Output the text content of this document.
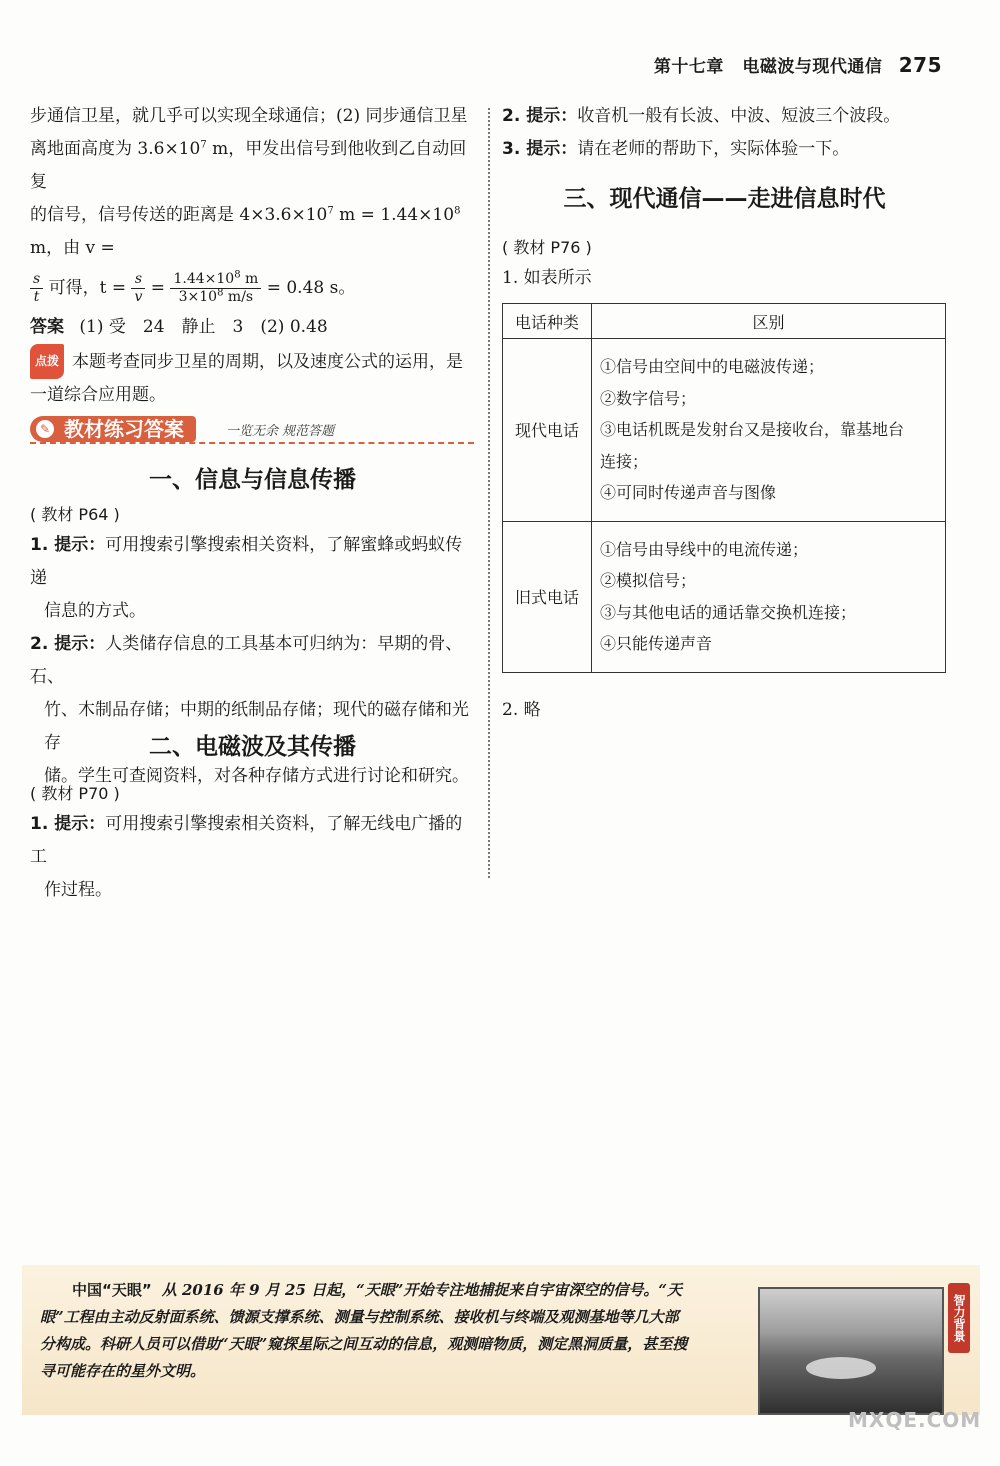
第十七章 电磁波与现代通信 275
步通信卫星，就几乎可以实现全球通信；(2) 同步通信卫星
离地面高度为 $3.6\times 10^7$ m，甲发出信号到他收到乙自动回复
的信号，信号传送的距离是 $4\times 3.6\times 10^7$ $m = 1.44\times 10^8$ m，由 v =
$\frac{s}{t}$ 可得，$t = \frac{s}{v} = \frac{1.44\times 10^8 m}{3\times 10^8 m/s} = 0.48$ s。
答案 (1) 受　24　静止　3　(2) 0.48
点拨 本题考查同步卫星的周期，以及速度公式的运用，是
一道综合应用题。
✎ 教材练习答案	一览无余 规范答题
一、信息与信息传播
( 教材 P64 )
1. 提示：可用搜索引擎搜索相关资料，了解蜜蜂或蚂蚁传递
信息的方式。
2. 提示：人类储存信息的工具基本可归纳为：早期的骨、石、
竹、木制品存储；中期的纸制品存储；现代的磁存储和光存
储。学生可查阅资料，对各种存储方式进行讨论和研究。
二、电磁波及其传播
( 教材 P70 )
1. 提示：可用搜索引擎搜索相关资料，了解无线电广播的工
作过程。
2. 提示：收音机一般有长波、中波、短波三个波段。
3. 提示：请在老师的帮助下，实际体验一下。
三、现代通信——走进信息时代
( 教材 P76 )
1. 如表所示
电话种类	区别
现代电话	①信号由空间中的电磁波传递；
②数字信号；
③电话机既是发射台又是接收台，靠基地台
连接；
④可同时传递声音与图像

旧式电话	①信号由导线中的电流传递；
②模拟信号；
③与其他电话的通话靠交换机连接；
④只能传递声音
2. 略
中国“天眼” 从 2016 年 9 月 25 日起，“天眼”开始专注地捕捉来自宇宙深空的信号。“天
眼”工程由主动反射面系统、馈源支撑系统、测量与控制系统、接收机与终端及观测基地等几大部
分构成。科研人员可以借助“天眼”窥探星际之间互动的信息，观测暗物质，测定黑洞质量，甚至搜
寻可能存在的星外文明。
智力背景
MXQE.COM
